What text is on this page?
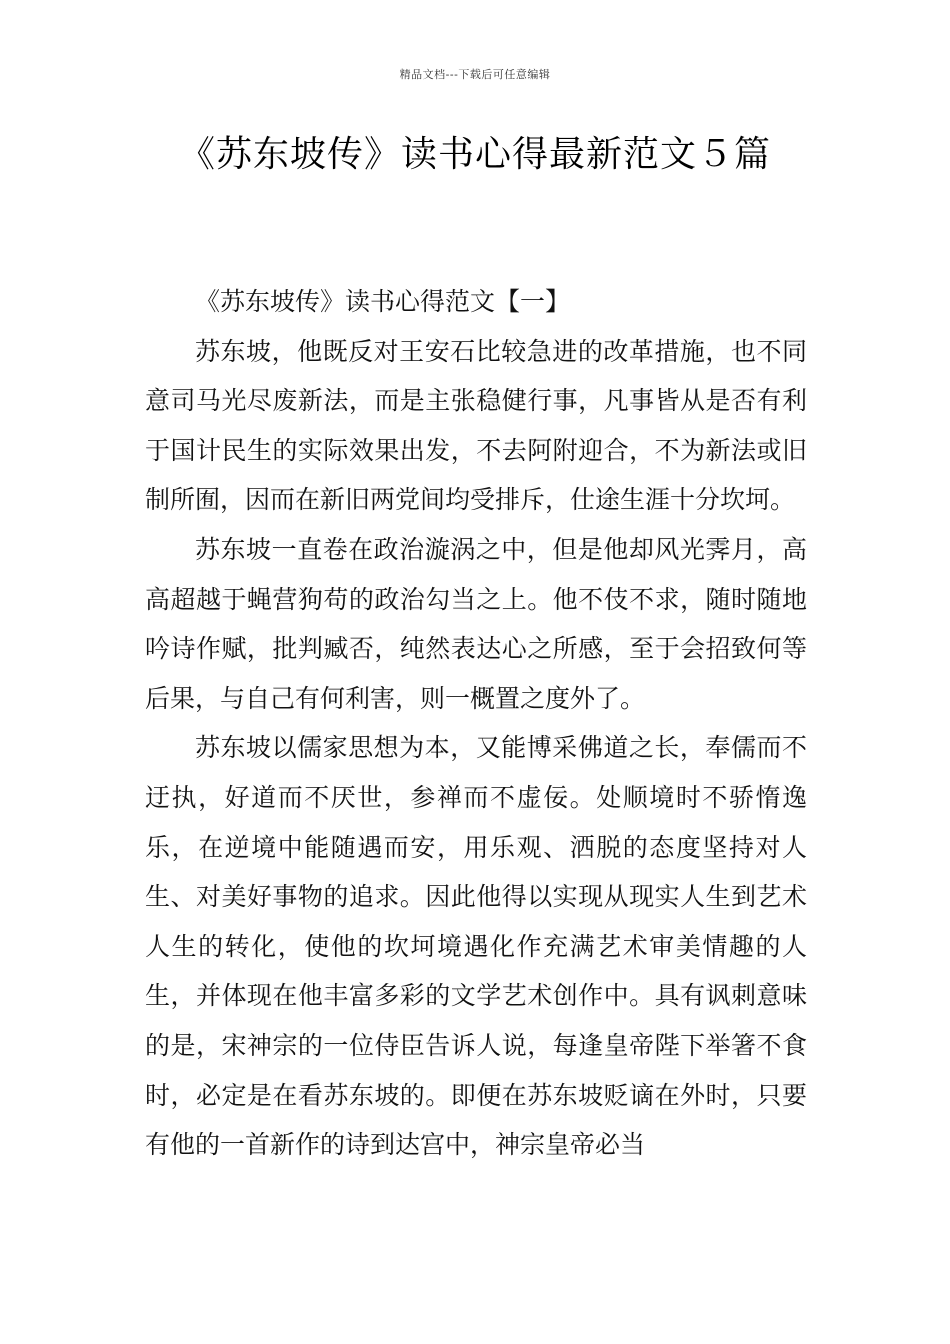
精品文档---下载后可任意编辑
《苏东坡传》读书心得最新范文５篇
《苏东坡传》读书心得范文【一】

苏东坡，他既反对王安石比较急进的改革措施，也不同意司马光尽废新法，而是主张稳健行事，凡事皆从是否有利于国计民生的实际效果出发，不去阿附迎合，不为新法或旧制所囿，因而在新旧两党间均受排斥，仕途生涯十分坎坷。

苏东坡一直卷在政治漩涡之中，但是他却风光霁月，高高超越于蝇营狗苟的政治勾当之上。他不伎不求，随时随地吟诗作赋，批判臧否，纯然表达心之所感，至于会招致何等后果，与自己有何利害，则一概置之度外了。

苏东坡以儒家思想为本，又能博采佛道之长，奉儒而不迂执，好道而不厌世，参禅而不虚佞。处顺境时不骄惰逸乐，在逆境中能随遇而安，用乐观、洒脱的态度坚持对人生、对美好事物的追求。因此他得以实现从现实人生到艺术人生的转化，使他的坎坷境遇化作充满艺术审美情趣的人生，并体现在他丰富多彩的文学艺术创作中。具有讽刺意味的是，宋神宗的一位侍臣告诉人说，每逢皇帝陛下举箸不食时，必定是在看苏东坡的。即便在苏东坡贬谪在外时，只要有他的一首新作的诗到达宫中，神宗皇帝必当
